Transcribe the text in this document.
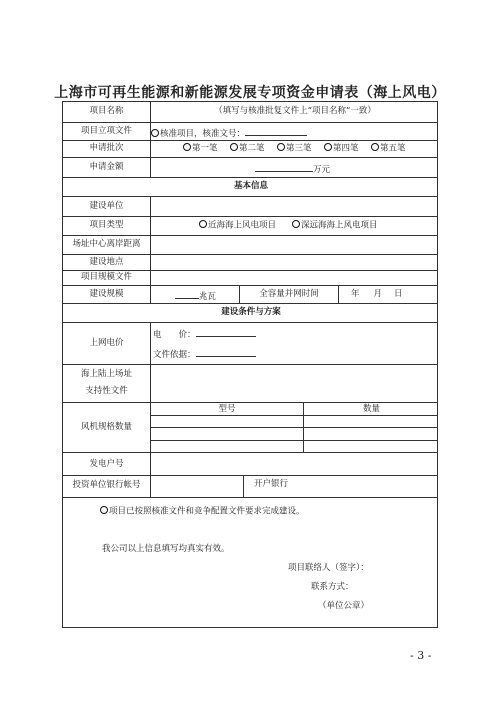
上海市可再生能源和新能源发展专项资金申请表（海上风电）
项目名称	（填写与核准批复文件上“项目名称”一致）
项目立项文件	核准项目，核准文号：
申请批次	第一笔	第二笔	第三笔	第四笔	第五笔
申请金额	万元
基本信息
建设单位
项目类型	近海海上风电项目	深远海海上风电项目
场址中心离岸距离
建设地点
项目规模文件
建设规模	兆瓦	全容量并网时间	年 月 日
建设条件与方案
上网电价
电　　价：
文件依据：
海上陆上场址
支持性文件
风机规格数量
型号	数量
发电户号
投资单位银行帐号	开户银行
项目已按照核准文件和竞争配置文件要求完成建设。
我公司以上信息填写均真实有效。
项目联络人（签字）：
联系方式：
（单位公章）
- 3 -
